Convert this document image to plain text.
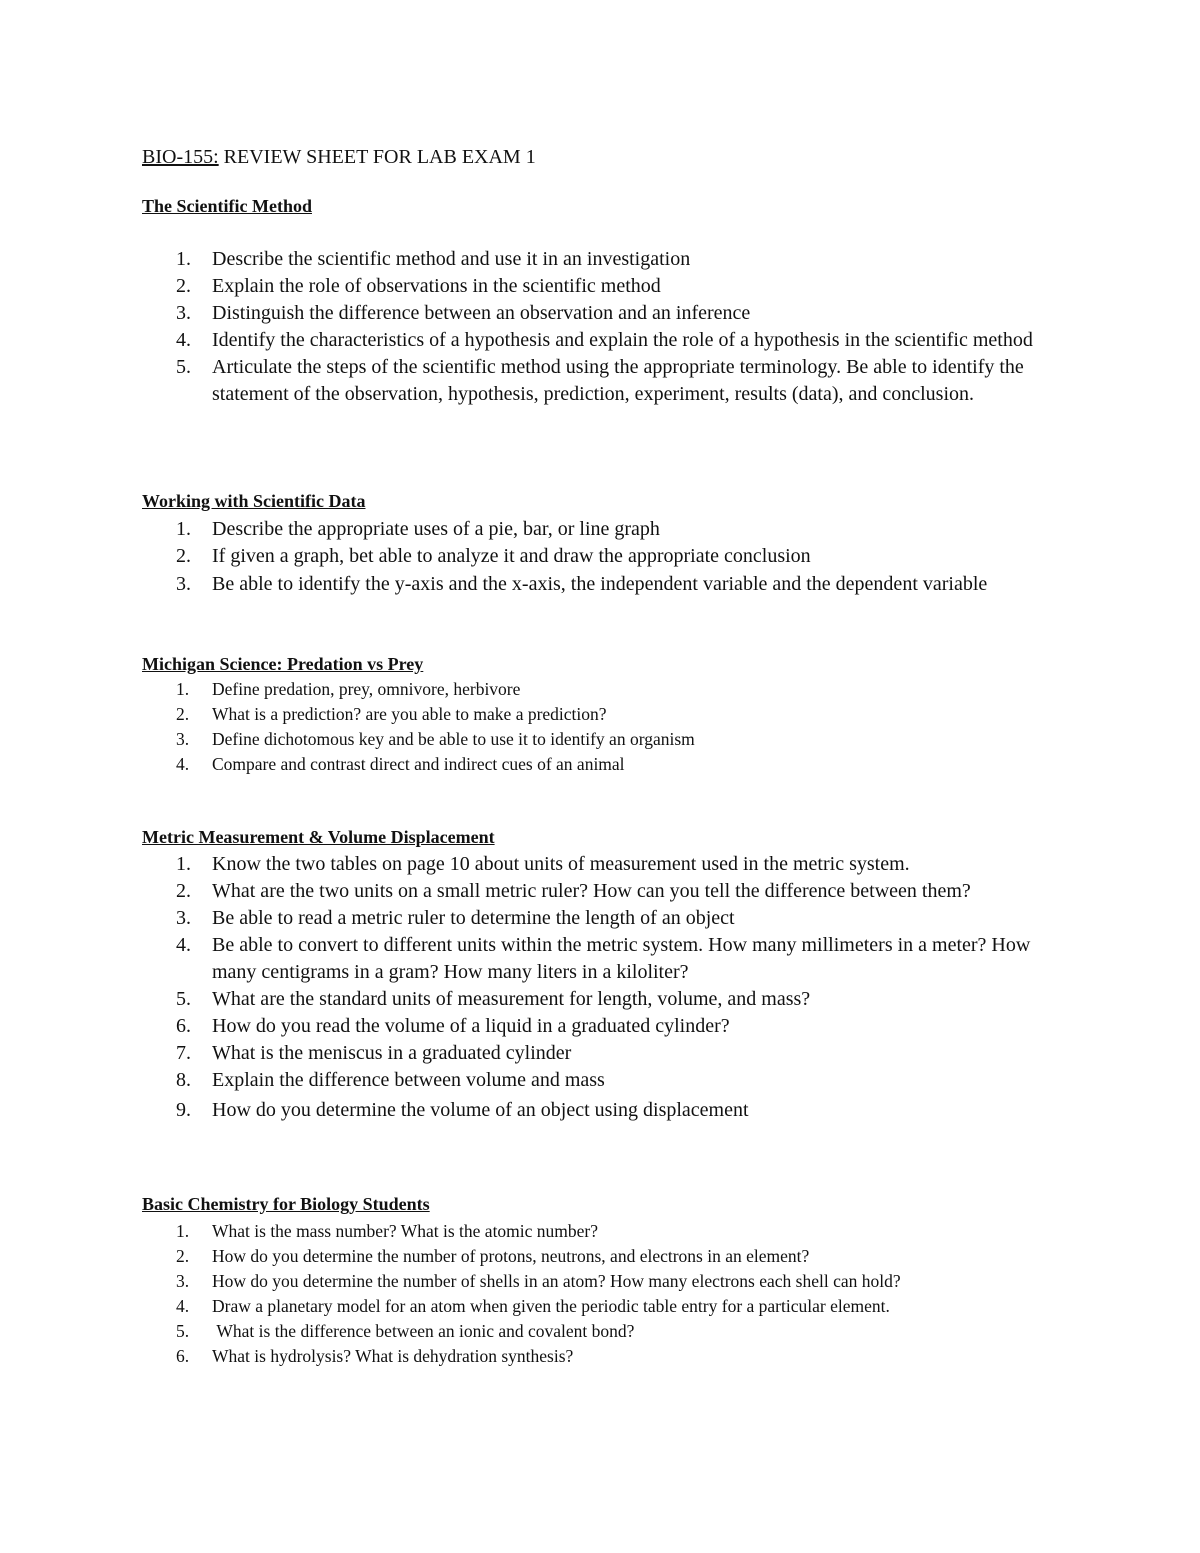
BIO-155: REVIEW SHEET FOR LAB EXAM 1
The Scientific Method
1.	Describe the scientific method and use it in an investigation
2.	Explain the role of observations in the scientific method
3.	Distinguish the difference between an observation and an inference
4.	Identify the characteristics of a hypothesis and explain the role of a hypothesis in the scientific method
5.	Articulate the steps of the scientific method using the appropriate terminology. Be able to identify the statement of the observation, hypothesis, prediction, experiment, results (data), and conclusion.
Working with Scientific Data
1.	Describe the appropriate uses of a pie, bar, or line graph
2.	If given a graph, bet able to analyze it and draw the appropriate conclusion
3.	Be able to identify the y-axis and the x-axis, the independent variable and the dependent variable
Michigan Science: Predation vs Prey
1.	Define predation, prey, omnivore, herbivore
2.	What is a prediction? are you able to make a prediction?
3.	Define dichotomous key and be able to use it to identify an organism
4.	Compare and contrast direct and indirect cues of an animal
Metric Measurement & Volume Displacement
1.	Know the two tables on page 10 about units of measurement used in the metric system.
2.	What are the two units on a small metric ruler? How can you tell the difference between them?
3.	Be able to read a metric ruler to determine the length of an object
4.	Be able to convert to different units within the metric system. How many millimeters in a meter? How many centigrams in a gram? How many liters in a kiloliter?
5.	What are the standard units of measurement for length, volume, and mass?
6.	How do you read the volume of a liquid in a graduated cylinder?
7.	What is the meniscus in a graduated cylinder
8.	Explain the difference between volume and mass
9.	How do you determine the volume of an object using displacement
Basic Chemistry for Biology Students
1.	What is the mass number? What is the atomic number?
2.	How do you determine the number of protons, neutrons, and electrons in an element?
3.	How do you determine the number of shells in an atom? How many electrons each shell can hold?
4.	Draw a planetary model for an atom when given the periodic table entry for a particular element.
5.	What is the difference between an ionic and covalent bond?
6.	What is hydrolysis? What is dehydration synthesis?
